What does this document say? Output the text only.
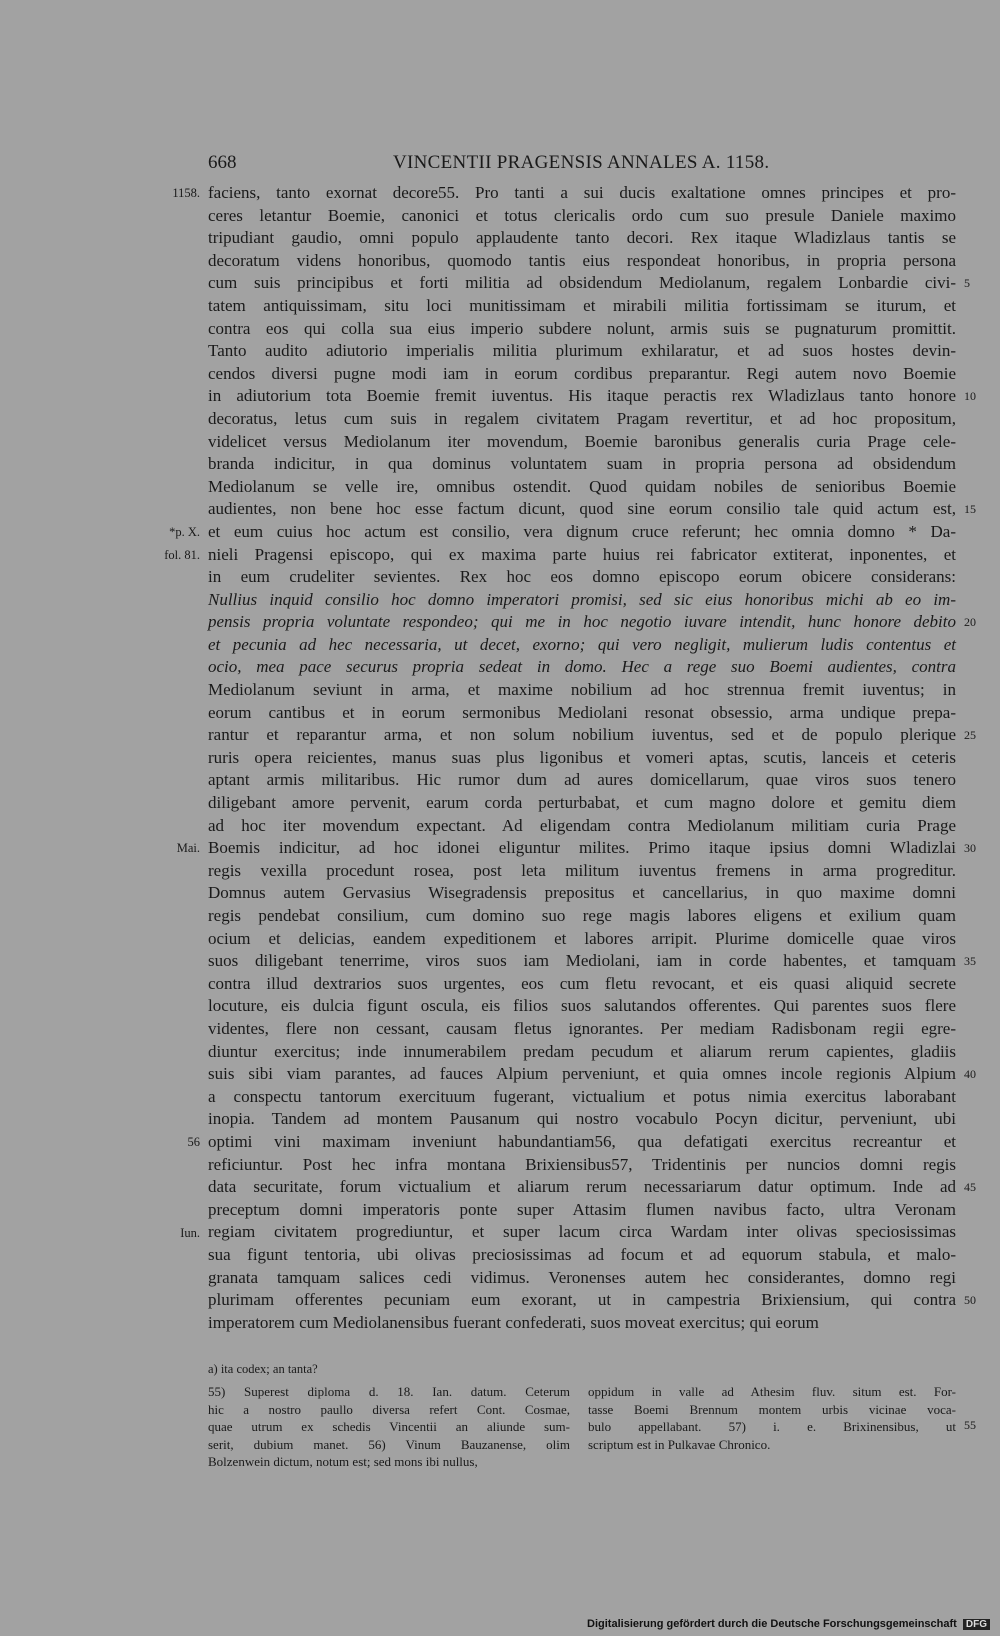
668	VINCENTII PRAGENSIS ANNALES A. 1158.
faciens, tanto exornat decore55. Pro tanti a sui ducis exaltatione omnes principes et pro-
ceres letantur Boemie, canonici et totus clericalis ordo cum suo presule Daniele maximo
tripudiant gaudio, omni populo applaudente tanto decori. Rex itaque Wladizlaus tantis se
decoratum videns honoribus, quomodo tantis eius respondeat honoribus, in propria persona
cum suis principibus et forti militia ad obsidendum Mediolanum, regalem Lonbardie civi-
tatem antiquissimam, situ loci munitissimam et mirabili militia fortissimam se iturum, et
contra eos qui colla sua eius imperio subdere nolunt, armis suis se pugnaturum promittit.
Tanto audito adiutorio imperialis militia plurimum exhilaratur, et ad suos hostes devin-
cendos diversi pugne modi iam in eorum cordibus preparantur. Regi autem novo Boemie
in adiutorium tota Boemie fremit iuventus. His itaque peractis rex Wladizlaus tanto honore
decoratus, letus cum suis in regalem civitatem Pragam revertitur, et ad hoc propositum,
videlicet versus Mediolanum iter movendum, Boemie baronibus generalis curia Prage cele-
branda indicitur, in qua dominus voluntatem suam in propria persona ad obsidendum
Mediolanum se velle ire, omnibus ostendit. Quod quidam nobiles de senioribus Boemie
audientes, non bene hoc esse factum dicunt, quod sine eorum consilio tale quid actum est,
et eum cuius hoc actum est consilio, vera dignum cruce referunt; hec omnia domno * Da-
nieli Pragensi episcopo, qui ex maxima parte huius rei fabricator extiterat, inponentes, et
in eum crudeliter sevientes. Rex hoc eos domno episcopo eorum obicere considerans:
Nullius inquid consilio hoc domno imperatori promisi, sed sic eius honoribus michi ab eo im-
pensis propria voluntate respondeo; qui me in hoc negotio iuvare intendit, hunc honore debito
et pecunia ad hec necessaria, ut decet, exorno; qui vero negligit, mulierum ludis contentus et
ocio, mea pace securus propria sedeat in domo. Hec a rege suo Boemi audientes, contra
Mediolanum seviunt in arma, et maxime nobilium ad hoc strennua fremit iuventus; in
eorum cantibus et in eorum sermonibus Mediolani resonat obsessio, arma undique prepa-
rantur et reparantur arma, et non solum nobilium iuventus, sed et de populo plerique
ruris opera reicientes, manus suas plus ligonibus et vomeri aptas, scutis, lanceis et ceteris
aptant armis militaribus. Hic rumor dum ad aures domicellarum, quae viros suos tenero
diligebant amore pervenit, earum corda perturbabat, et cum magno dolore et gemitu diem
ad hoc iter movendum expectant. Ad eligendam contra Mediolanum militiam curia Prage
Boemis indicitur, ad hoc idonei eliguntur milites. Primo itaque ipsius domni Wladizlai
regis vexilla procedunt rosea, post leta militum iuventus fremens in arma progreditur.
Domnus autem Gervasius Wisegradensis prepositus et cancellarius, in quo maxime domni
regis pendebat consilium, cum domino suo rege magis labores eligens et exilium quam
ocium et delicias, eandem expeditionem et labores arripit. Plurime domicelle quae viros
suos diligebant tenerrime, viros suos iam Mediolani, iam in corde habentes, et tamquam
contra illud dextrarios suos urgentes, eos cum fletu revocant, et eis quasi aliquid secrete
locuture, eis dulcia figunt oscula, eis filios suos salutandos offerentes. Qui parentes suos flere
videntes, flere non cessant, causam fletus ignorantes. Per mediam Radisbonam regii egre-
diuntur exercitus; inde innumerabilem predam pecudum et aliarum rerum capientes, gladiis
suis sibi viam parantes, ad fauces Alpium perveniunt, et quia omnes incole regionis Alpium
a conspectu tantorum exercituum fugerant, victualium et potus nimia exercitus laborabant
inopia. Tandem ad montem Pausanum qui nostro vocabulo Pocyn dicitur, perveniunt, ubi
optimi vini maximam inveniunt habundantiam56, qua defatigati exercitus recreantur et
reficiuntur. Post hec infra montana Brixiensibus57, Tridentinis per nuncios domni regis
data securitate, forum victualium et aliarum rerum necessariarum datur optimum. Inde ad
preceptum domni imperatoris ponte super Attasim flumen navibus facto, ultra Veronam
regiam civitatem progrediuntur, et super lacum circa Wardam inter olivas speciosissimas
sua figunt tentoria, ubi olivas preciosissimas ad focum et ad equorum stabula, et malo-
granata tamquam salices cedi vidimus. Veronenses autem hec considerantes, domno regi
plurimam offerentes pecuniam eum exorant, ut in campestria Brixiensium, qui contra
imperatorem cum Mediolanensibus fuerant confederati, suos moveat exercitus; qui eorum
1158.
*p. X.
fol. 81.
Mai.
56
Iun.
5
10
15
20
25
30
35
40
45
50
55
a) ita codex; an tanta?
55) Superest diploma d. 18. Ian. datum. Ceterum
hic a nostro paullo diversa refert Cont. Cosmae,
quae utrum ex schedis Vincentii an aliunde sum-
serit, dubium manet. 56) Vinum Bauzanense, olim
Bolzenwein dictum, notum est; sed mons ibi nullus,
oppidum in valle ad Athesim fluv. situm est. For-
tasse Boemi Brennum montem urbis vicinae voca-
bulo appellabant. 57) i. e. Brixinensibus, ut
scriptum est in Pulkavae Chronico.
Digitalisierung gefördert durch die Deutsche Forschungsgemeinschaft DFG
